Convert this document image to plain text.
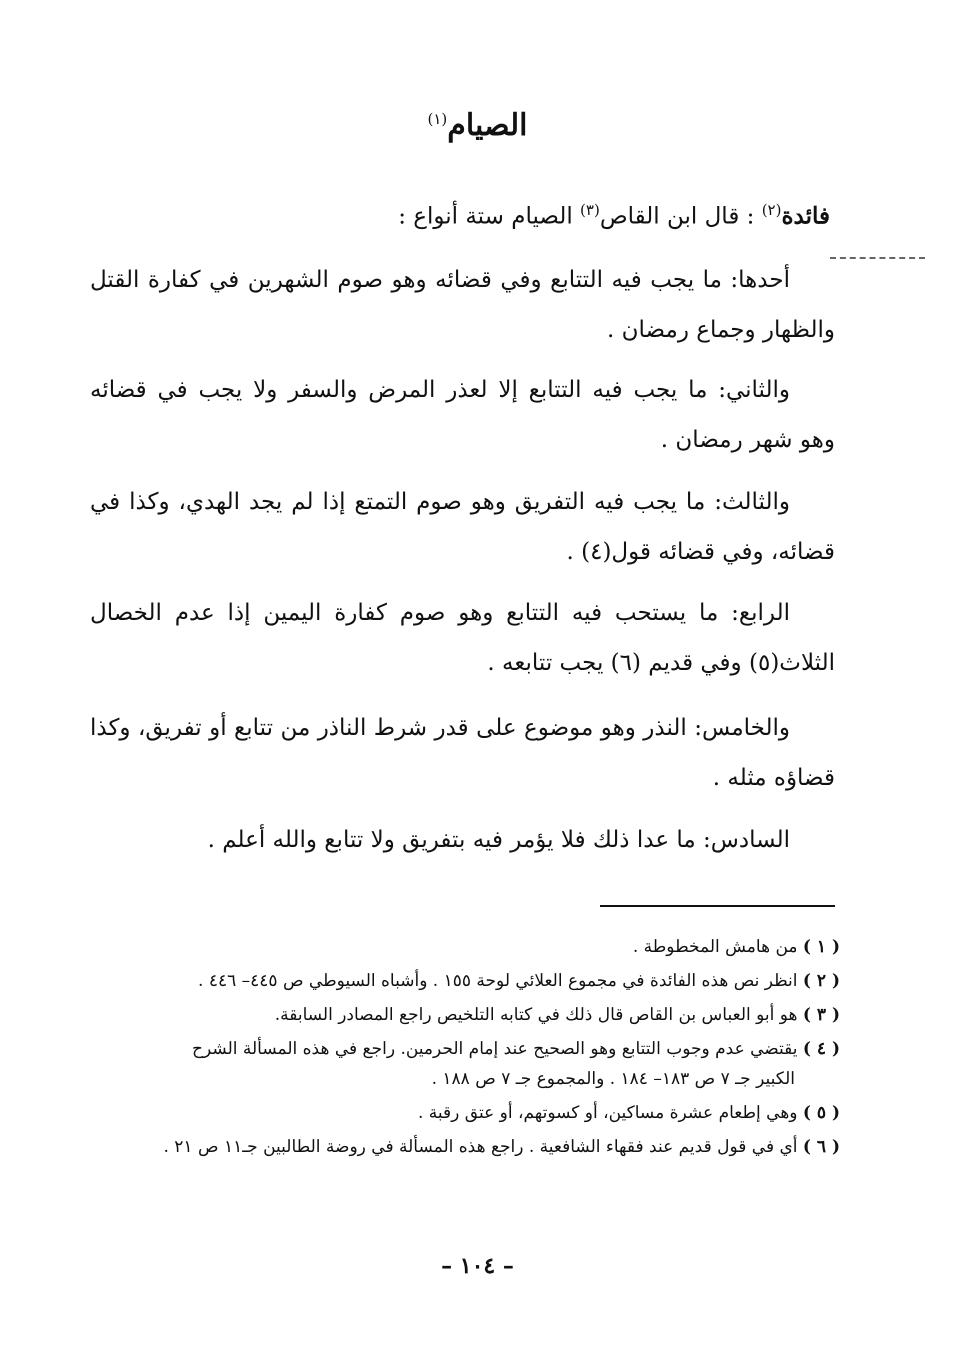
الصيام$^{(١)}$
فائدة$^{(٢)}$ : قال ابن القاص$^{(٣)}$ الصيام ستة أنواع :
أحدها: ما يجب فيه التتابع وفي قضائه وهو صوم الشهرين في كفارة القتل والظهار وجماع رمضان .
والثاني: ما يجب فيه التتابع إلا لعذر المرض والسفر ولا يجب في قضائه وهو شهر رمضان .
والثالث: ما يجب فيه التفريق وهو صوم التمتع إذا لم يجد الهدي، وكذا في قضائه، وفي قضائه قول(٤) .
الرابع: ما يستحب فيه التتابع وهو صوم كفارة اليمين إذا عدم الخصال الثلاث(٥) وفي قديم (٦) يجب تتابعه .
والخامس: النذر وهو موضوع على قدر شرط الناذر من تتابع أو تفريق، وكذا قضاؤه مثله .
السادس: ما عدا ذلك فلا يؤمر فيه بتفريق ولا تتابع والله أعلم .
( ١ ) من هامش المخطوطة .
( ٢ ) انظر نص هذه الفائدة في مجموع العلائي لوحة ١٥٥ . وأشباه السيوطي ص ٤٤٥– ٤٤٦ .
( ٣ ) هو أبو العباس بن القاص قال ذلك في كتابه التلخيص راجع المصادر السابقة.
( ٤ ) يقتضي عدم وجوب التتابع وهو الصحيح عند إمام الحرمين. راجع في هذه المسألة الشرح
الكبير جـ ٧ ص ١٨٣– ١٨٤ . والمجموع جـ ٧ ص ١٨٨ .
( ٥ ) وهي إطعام عشرة مساكين، أو كسوتهم، أو عتق رقبة .
( ٦ ) أي في قول قديم عند فقهاء الشافعية . راجع هذه المسألة في روضة الطالبين جـ١١ ص ٢١ .
– ١٠٤ –
